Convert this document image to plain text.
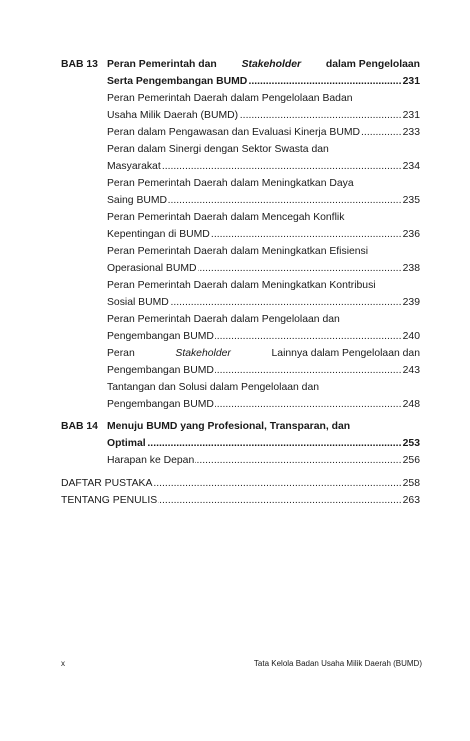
BAB 13 Peran Pemerintah dan Stakeholder dalam Pengelolaan
.....
Serta Pengembangan BUMD	231
Peran Pemerintah Daerah dalam Pengelolaan Badan
.....
Usaha Milik Daerah (BUMD)	231
.....
Peran dalam Pengawasan dan Evaluasi Kinerja BUMD	233
Peran dalam Sinergi dengan Sektor Swasta dan
.....
Masyarakat	234
Peran Pemerintah Daerah dalam Meningkatkan Daya
.....
Saing BUMD	235
Peran Pemerintah Daerah dalam Mencegah Konflik
.....
Kepentingan di BUMD	236
Peran Pemerintah Daerah dalam Meningkatkan Efisiensi
.....
Operasional BUMD	238
Peran Pemerintah Daerah dalam Meningkatkan Kontribusi
.....
Sosial BUMD	239
Peran Pemerintah Daerah dalam Pengelolaan dan
.....
Pengembangan BUMD	240
Peran	Stakeholder	Lainnya dalam Pengelolaan dan
.....
Pengembangan BUMD	243
Tantangan dan Solusi dalam Pengelolaan dan
.....
Pengembangan BUMD	248
BAB 14 Menuju BUMD yang Profesional, Transparan, dan
.....
Optimal	253
.....
Harapan ke Depan	256
.....
DAFTAR PUSTAKA	258
.....
TENTANG PENULIS	263
x	Tata Kelola Badan Usaha Milik Daerah (BUMD)
